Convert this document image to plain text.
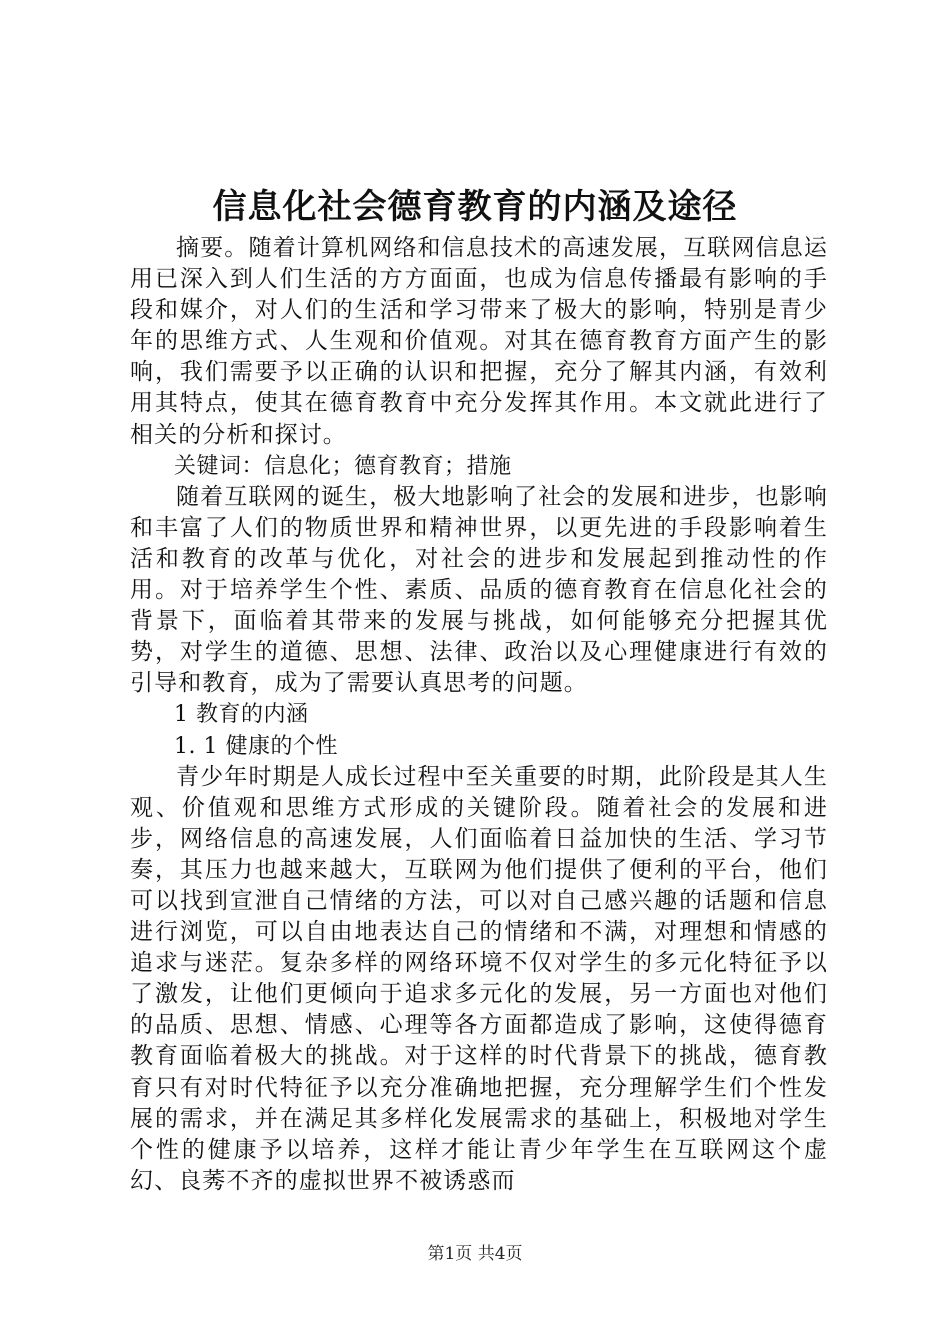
信息化社会德育教育的内涵及途径

摘要。随着计算机网络和信息技术的高速发展，互联网信息运用已深入到人们生活的方方面面，也成为信息传播最有影响的手段和媒介，对人们的生活和学习带来了极大的影响，特别是青少年的思维方式、人生观和价值观。对其在德育教育方面产生的影响，我们需要予以正确的认识和把握，充分了解其内涵，有效利用其特点，使其在德育教育中充分发挥其作用。本文就此进行了相关的分析和探讨。

关键词：信息化；德育教育；措施

随着互联网的诞生，极大地影响了社会的发展和进步，也影响和丰富了人们的物质世界和精神世界，以更先进的手段影响着生活和教育的改革与优化，对社会的进步和发展起到推动性的作用。对于培养学生个性、素质、品质的德育教育在信息化社会的背景下，面临着其带来的发展与挑战，如何能够充分把握其优势，对学生的道德、思想、法律、政治以及心理健康进行有效的引导和教育，成为了需要认真思考的问题。

1 教育的内涵

1. 1 健康的个性

青少年时期是人成长过程中至关重要的时期，此阶段是其人生观、价值观和思维方式形成的关键阶段。随着社会的发展和进步，网络信息的高速发展，人们面临着日益加快的生活、学习节奏，其压力也越来越大，互联网为他们提供了便利的平台，他们可以找到宣泄自己情绪的方法，可以对自己感兴趣的话题和信息进行浏览，可以自由地表达自己的情绪和不满，对理想和情感的追求与迷茫。复杂多样的网络环境不仅对学生的多元化特征予以了激发，让他们更倾向于追求多元化的发展，另一方面也对他们的品质、思想、情感、心理等各方面都造成了影响，这使得德育教育面临着极大的挑战。对于这样的时代背景下的挑战，德育教育只有对时代特征予以充分准确地把握，充分理解学生们个性发展的需求，并在满足其多样化发展需求的基础上，积极地对学生个性的健康予以培养，这样才能让青少年学生在互联网这个虚幻、良莠不齐的虚拟世界不被诱惑而

第1页 共4页
